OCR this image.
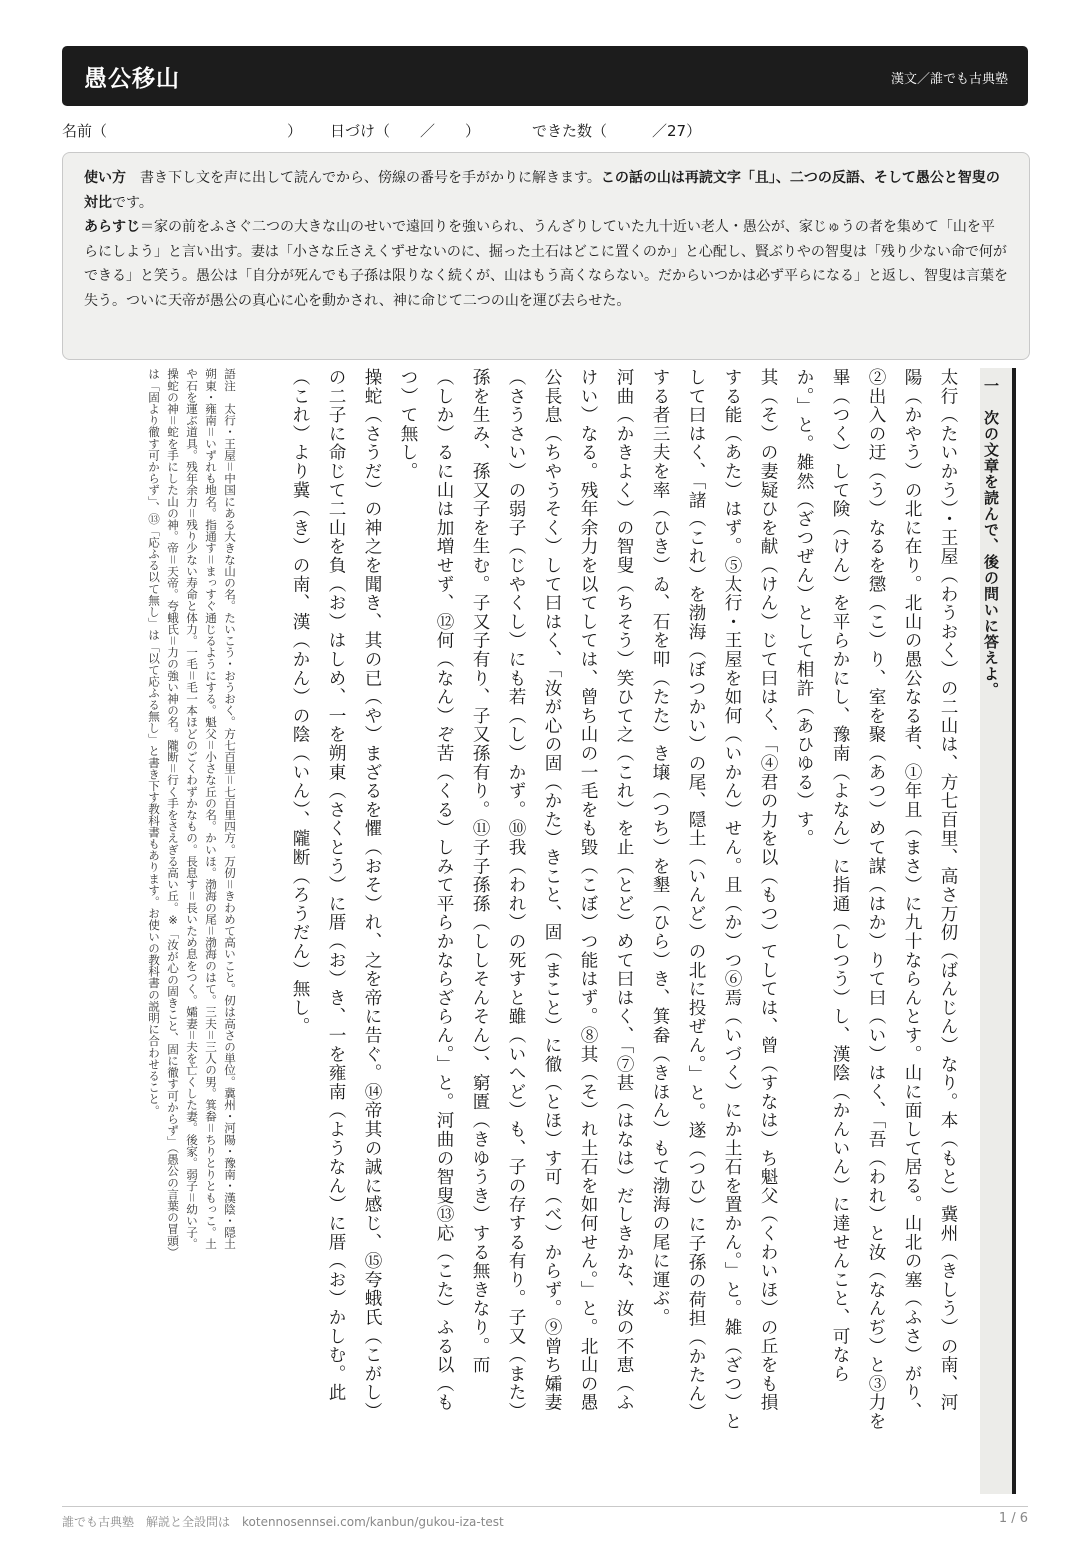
愚公移山	漢文／誰でも古典塾
名前（　　　　　　　　　　　　） 日づけ（　　／　　）	できた数（　　　／27）

使い方　書き下し文を声に出して読んでから、傍線の番号を手がかりに解きます。この話の山は再読文字「且」、二つの反語、そして愚公と智叟の対比です。

あらすじ＝家の前をふさぐ二つの大きな山のせいで遠回りを強いられ、うんざりしていた九十近い老人・愚公が、家じゅうの者を集めて「山を平らにしよう」と言い出す。妻は「小さな丘さえくずせないのに、掘った土石はどこに置くのか」と心配し、賢ぶりやの智叟は「残り少ない命で何ができる」と笑う。愚公は「自分が死んでも子孫は限りなく続くが、山はもう高くならない。だからいつかは必ず平らになる」と返し、智叟は言葉を失う。ついに天帝が愚公の真心に心を動かされ、神に命じて二つの山を運び去らせた。

一　次の文章を読んで、後の問いに答えよ。
太行（たいかう）・王屋（わうおく）の二山は、方七百里、高さ万仞（ばんじん）なり。本（もと）冀州（きしう）の南、河
陽（かやう）の北に在り。北山の愚公なる者、①年且（まさ）に九十ならんとす。山に面して居る。山北の塞（ふさ）がり、
②出入の迂（う）なるを懲（こ）り、室を聚（あつ）めて謀（はか）りて曰（い）はく、「吾（われ）と汝（なんぢ）と③力を
畢（つく）して険（けん）を平らかにし、豫南（よなん）に指通（しつう）し、漢陰（かんいん）に達せんこと、可なら
か。」と。雑然（ざつぜん）として相許（あひゆる）す。
其（そ）の妻疑ひを献（けん）じて曰はく、「④君の力を以（もつ）てしては、曾（すなは）ち魁父（くわいほ）の丘をも損
する能（あた）はず。⑤太行・王屋を如何（いかん）せん。且（か）つ⑥焉（いづく）にか土石を置かん。」と。雑（ざつ）と
して曰はく、「諸（これ）を渤海（ぼつかい）の尾、隠土（いんど）の北に投ぜん。」と。遂（つひ）に子孫の荷担（かたん）
する者三夫を率（ひき）ゐ、石を叩（たた）き壌（つち）を墾（ひら）き、箕畚（きほん）もて渤海の尾に運ぶ。
河曲（かきよく）の智叟（ちそう）笑ひて之（これ）を止（とど）めて曰はく、「⑦甚（はなは）だしきかな、汝の不恵（ふ
けい）なる。残年余力を以てしては、曾ち山の一毛をも毀（こぼ）つ能はず。⑧其（そ）れ土石を如何せん。」と。北山の愚
公長息（ちやうそく）して曰はく、「汝が心の固（かた）きこと、固（まこと）に徹（とほ）す可（べ）からず。⑨曾ち孀妻
（さうさい）の弱子（じやくし）にも若（し）かず。⑩我（われ）の死すと雖（いへど）も、子の存する有り。子又（また）
孫を生み、孫又子を生む。子又子有り、子又孫有り。⑪子子孫孫（ししそんそん）、窮匱（きゆうき）する無きなり。而
（しか）るに山は加増せず、⑫何（なん）ぞ苦（くる）しみて平らかならざらん。」と。河曲の智叟⑬応（こた）ふる以（も
つ）て無し。
操蛇（さうだ）の神之を聞き、其の已（や）まざるを懼（おそ）れ、之を帝に告ぐ。⑭帝其の誠に感じ、⑮夸蛾氏（こがし）
の二子に命じて二山を負（お）はしめ、一を朔東（さくとう）に厝（お）き、一を雍南（ようなん）に厝（お）かしむ。此
（これ）より冀（き）の南、漢（かん）の陰（いん）、隴断（ろうだん）無し。
語注　太行・王屋＝中国にある大きな山の名。たいこう・おうおく。方七百里＝七百里四方。万仞＝きわめて高いこと。仞は高さの単位。冀州・河陽・豫南・漢陰・隠土
朔東・雍南＝いずれも地名。指通す＝まっすぐ通じるようにする。魁父＝小さな丘の名。かいほ。渤海の尾＝渤海のはて。三夫＝三人の男。箕畚＝ちりとりともっこ。土
や石を運ぶ道具。残年余力＝残り少ない寿命と体力。一毛＝毛一本ほどのごくわずかなもの。長息す＝長いため息をつく。孀妻＝夫を亡くした妻。後家。弱子＝幼い子。
操蛇の神＝蛇を手にした山の神。帝＝天帝。夸蛾氏＝力の強い神の名。隴断＝行く手をさえぎる高い丘。※「汝が心の固きこと、固に徹す可からず」（愚公の言葉の冒頭）
は「固より徹す可からず」、⑬「応ふる以て無し」は「以て応ふる無し」と書き下す教科書もあります。お使いの教科書の説明に合わせること。
誰でも古典塾　解説と全設問は　kotennosennsei.com/kanbun/gukou-iza-test	1 / 6
